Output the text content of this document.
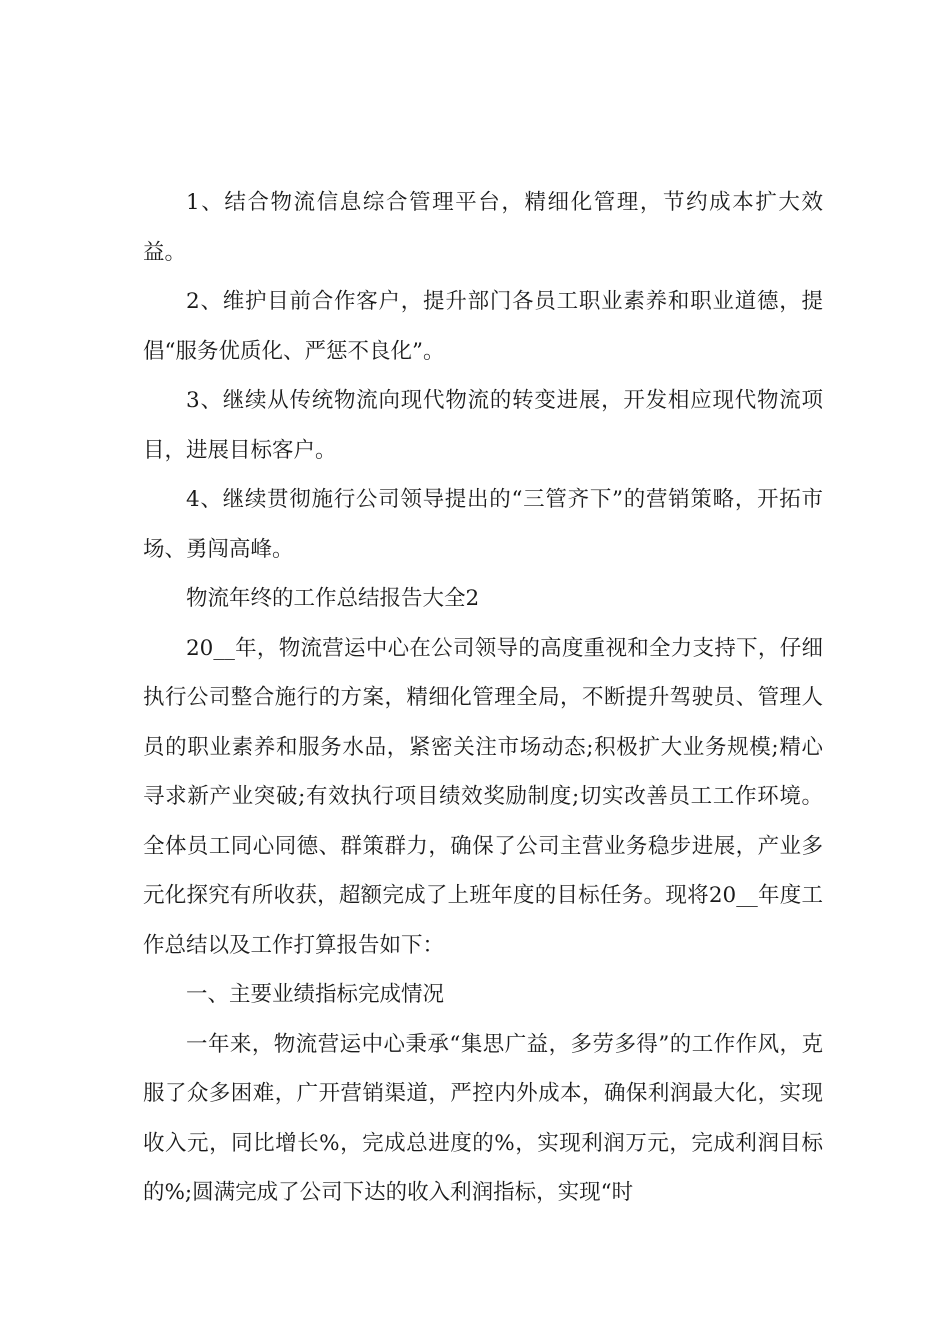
1、结合物流信息综合管理平台，精细化管理，节约成本扩大效益。

2、维护目前合作客户，提升部门各员工职业素养和职业道德，提倡“服务优质化、严惩不良化”。

3、继续从传统物流向现代物流的转变进展，开发相应现代物流项目，进展目标客户。

4、继续贯彻施行公司领导提出的“三管齐下”的营销策略，开拓市场、勇闯高峰。

物流年终的工作总结报告大全2

20__年，物流营运中心在公司领导的高度重视和全力支持下，仔细执行公司整合施行的方案，精细化管理全局，不断提升驾驶员、管理人员的职业素养和服务水品，紧密关注市场动态;积极扩大业务规模;精心寻求新产业突破;有效执行项目绩效奖励制度;切实改善员工工作环境。全体员工同心同德、群策群力，确保了公司主营业务稳步进展，产业多元化探究有所收获，超额完成了上班年度的目标任务。现将20__年度工作总结以及工作打算报告如下：

一、主要业绩指标完成情况

一年来，物流营运中心秉承“集思广益，多劳多得”的工作作风，克服了众多困难，广开营销渠道，严控内外成本，确保利润最大化，实现收入元，同比增长%，完成总进度的%，实现利润万元，完成利润目标的%;圆满完成了公司下达的收入利润指标，实现“时
